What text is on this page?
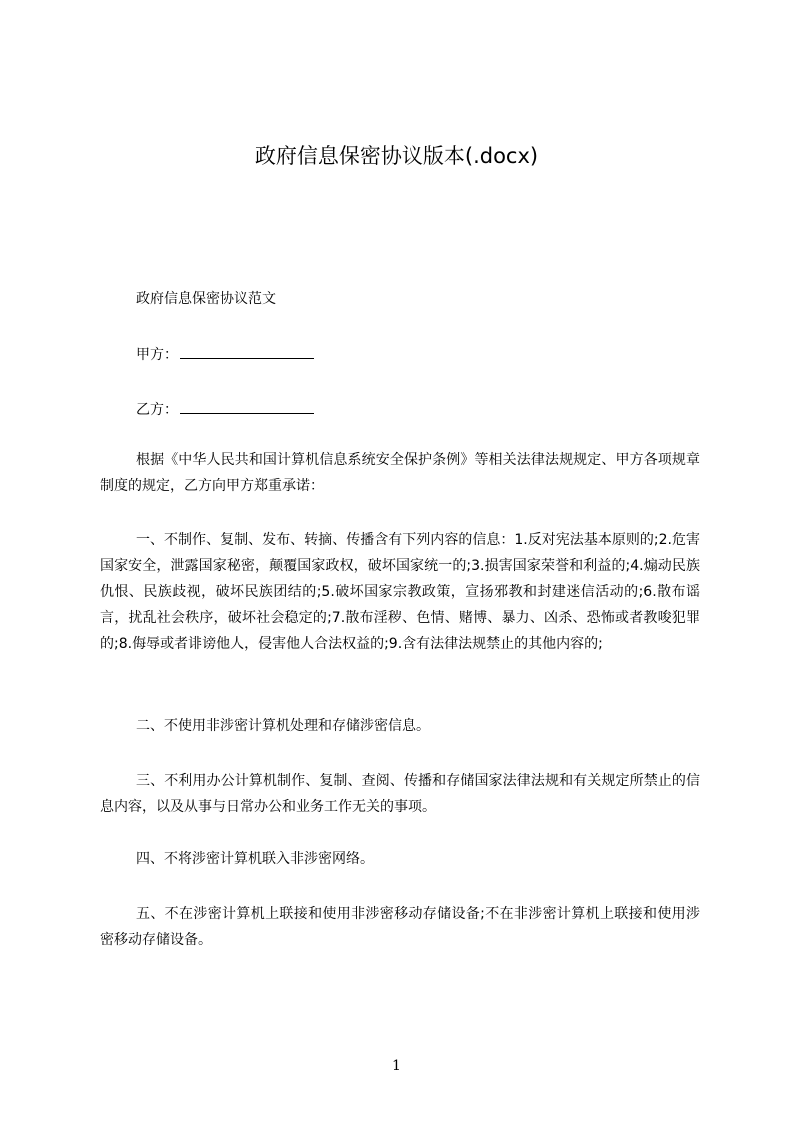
政府信息保密协议版本(.docx)
政府信息保密协议范文
甲方：
乙方：

根据《中华人民共和国计算机信息系统安全保护条例》等相关法律法规规定、甲方各项规章制度的规定，乙方向甲方郑重承诺：

一、不制作、复制、发布、转摘、传播含有下列内容的信息：1.反对宪法基本原则的;2.危害国家安全，泄露国家秘密，颠覆国家政权，破坏国家统一的;3.损害国家荣誉和利益的;4.煽动民族仇恨、民族歧视，破坏民族团结的;5.破坏国家宗教政策，宣扬邪教和封建迷信活动的;6.散布谣言，扰乱社会秩序，破坏社会稳定的;7.散布淫秽、色情、赌博、暴力、凶杀、恐怖或者教唆犯罪的;8.侮辱或者诽谤他人，侵害他人合法权益的;9.含有法律法规禁止的其他内容的;

二、不使用非涉密计算机处理和存储涉密信息。

三、不利用办公计算机制作、复制、查阅、传播和存储国家法律法规和有关规定所禁止的信息内容，以及从事与日常办公和业务工作无关的事项。

四、不将涉密计算机联入非涉密网络。

五、不在涉密计算机上联接和使用非涉密移动存储设备;不在非涉密计算机上联接和使用涉密移动存储设备。

1
